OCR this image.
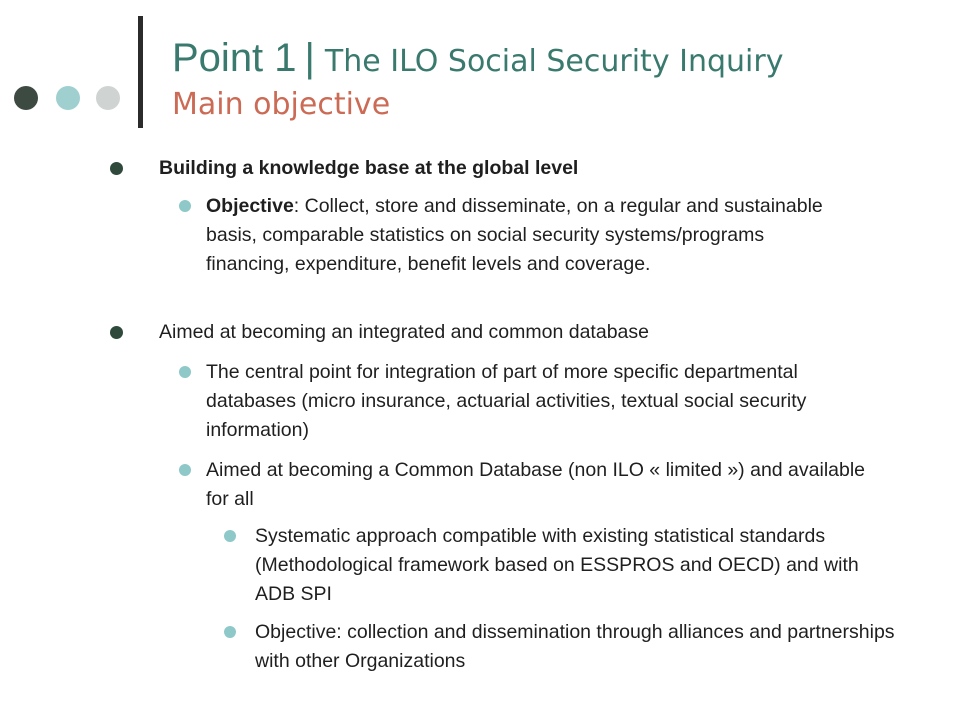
Point 1 | The ILO Social Security Inquiry
Main objective
Building a knowledge base at the global level
Objective: Collect, store and disseminate, on a regular and sustainable basis, comparable statistics on social security systems/programs financing, expenditure, benefit levels and coverage.
Aimed at becoming an integrated and common database
The central point for integration of part of more specific departmental databases (micro insurance, actuarial activities, textual social security information)
Aimed at becoming a Common Database (non ILO « limited ») and available for all
Systematic approach compatible with existing statistical standards (Methodological framework based on ESSPROS and OECD) and with ADB SPI
Objective: collection and dissemination through alliances and partnerships with other Organizations
